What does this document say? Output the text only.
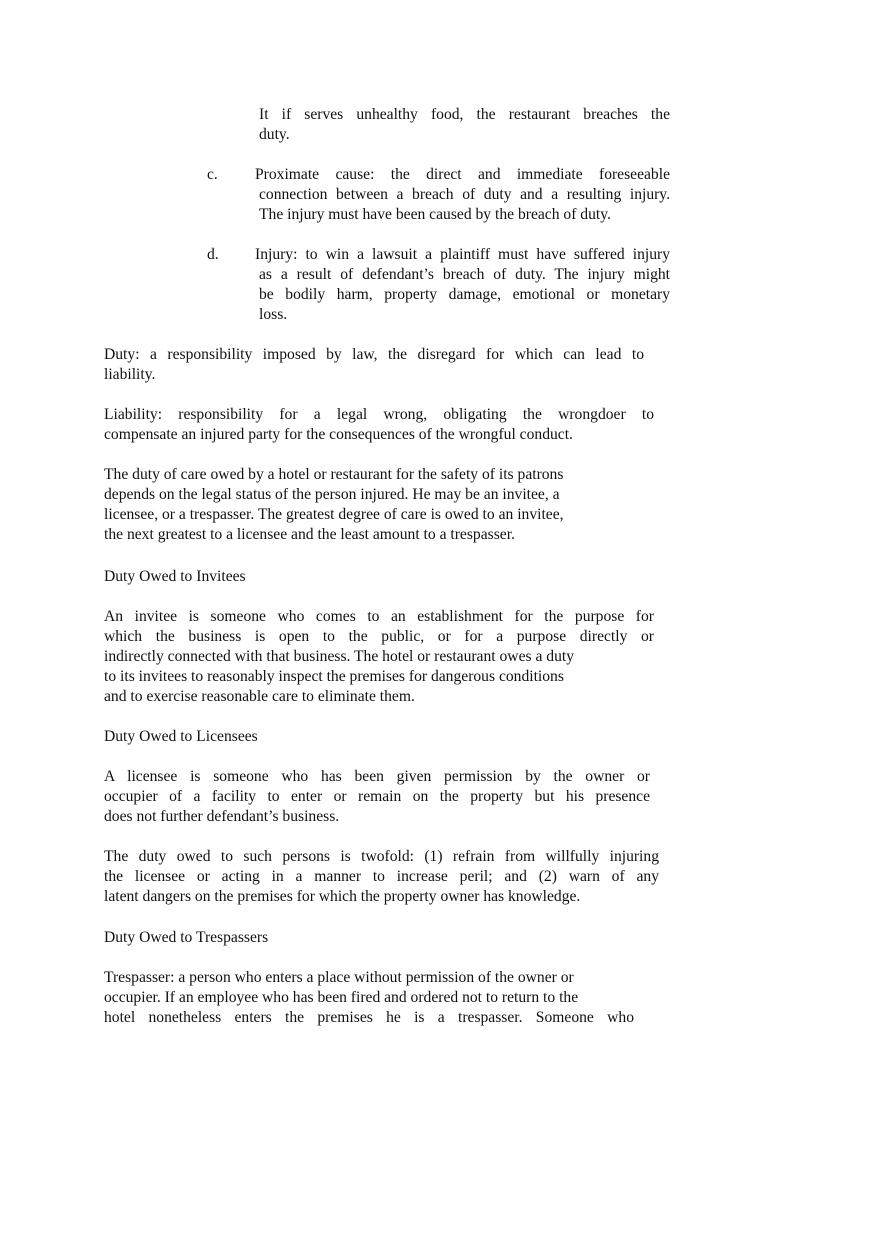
It if serves unhealthy food, the restaurant breaches the
duty.

c. Proximate cause: the direct and immediate foreseeable
connection between a breach of duty and a resulting injury.
The injury must have been caused by the breach of duty.
d. Injury: to win a lawsuit a plaintiff must have suffered injury
as a result of defendant’s breach of duty. The injury might
be bodily harm, property damage, emotional or monetary
loss.

Duty: a responsibility imposed by law, the disregard for which can lead to
liability.

Liability: responsibility for a legal wrong, obligating the wrongdoer to
compensate an injured party for the consequences of the wrongful conduct.

The duty of care owed by a hotel or restaurant for the safety of its patrons
depends on the legal status of the person injured. He may be an invitee, a
licensee, or a trespasser. The greatest degree of care is owed to an invitee,
the next greatest to a licensee and the least amount to a trespasser.

Duty Owed to Invitees

An invitee is someone who comes to an establishment for the purpose for
which the business is open to the public, or for a purpose directly or
indirectly connected with that business. The hotel or restaurant owes a duty
to its invitees to reasonably inspect the premises for dangerous conditions
and to exercise reasonable care to eliminate them.

Duty Owed to Licensees

A licensee is someone who has been given permission by the owner or
occupier of a facility to enter or remain on the property but his presence
does not further defendant’s business.

The duty owed to such persons is twofold: (1) refrain from willfully injuring
the licensee or acting in a manner to increase peril; and (2) warn of any
latent dangers on the premises for which the property owner has knowledge.

Duty Owed to Trespassers

Trespasser: a person who enters a place without permission of the owner or
occupier. If an employee who has been fired and ordered not to return to the
hotel nonetheless enters the premises he is a trespasser. Someone who
